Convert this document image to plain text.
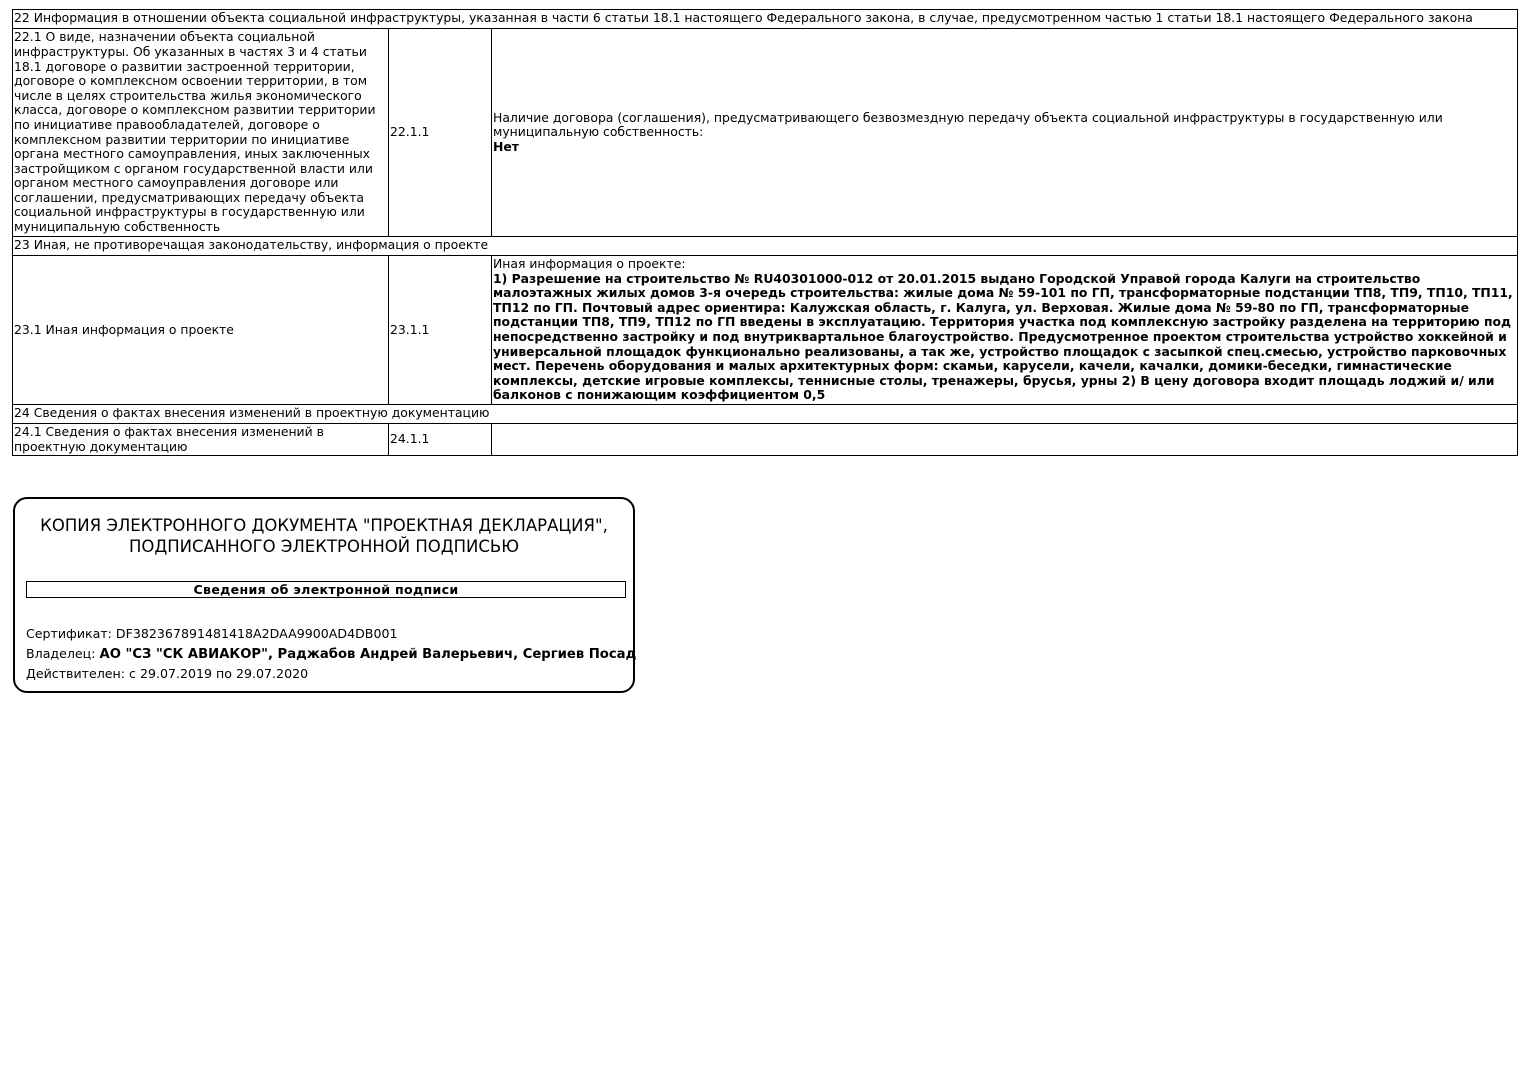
22 Информация в отношении объекта социальной инфраструктуры, указанная в части 6 статьи 18.1 настоящего Федерального закона, в случае, предусмотренном частью 1 статьи 18.1 настоящего Федерального закона		
22.1 О виде, назначении объекта социальной инфраструктуры. Об указанных в частях 3 и 4 статьи 18.1 договоре о развитии застроенной территории, договоре о комплексном освоении территории, в том числе в целях строительства жилья экономического класса, договоре о комплексном развитии территории по инициативе правообладателей, договоре о комплексном развитии территории по инициативе органа местного самоуправления, иных заключенных застройщиком с органом государственной власти или органом местного самоуправления договоре или соглашении, предусматривающих передачу объекта социальной инфраструктуры в государственную или муниципальную собственность	22.1.1	Наличие договора (соглашения), предусматривающего безвозмездную передачу объекта социальной инфраструктуры в государственную или муниципальную собственность:
Нет

23 Иная, не противоречащая законодательству, информация о проекте		
23.1 Иная информация о проекте	23.1.1	Иная информация о проекте:
1) Разрешение на строительство № RU40301000-012 от 20.01.2015 выдано Городской Управой города Калуги на строительство малоэтажных жилых домов 3-я очередь строительства: жилые дома № 59-101 по ГП, трансформаторные подстанции ТП8, ТП9, ТП10, ТП11, ТП12 по ГП. Почтовый адрес ориентира: Калужская область, г. Калуга, ул. Верховая. Жилые дома № 59-80 по ГП, трансформаторные подстанции ТП8, ТП9, ТП12 по ГП введены в эксплуатацию. Территория участка под комплексную застройку разделена на территорию под непосредственно застройку и под внутриквартальное благоустройство. Предусмотренное проектом строительства устройство хоккейной и универсальной площадок функционально реализованы, а так же, устройство площадок с засыпкой спец.смесью, устройство парковочных мест. Перечень оборудования и малых архитектурных форм: скамьи, карусели, качели, качалки, домики-беседки, гимнастические комплексы, детские игровые комплексы, теннисные столы, тренажеры, брусья, урны 2) В цену договора входит площадь лоджий и/ или балконов с понижающим коэффициентом 0,5

24 Сведения о фактах внесения изменений в проектную документацию		
24.1 Сведения о фактах внесения изменений в проектную документацию	24.1.1	
КОПИЯ ЭЛЕКТРОННОГО ДОКУМЕНТА "ПРОЕКТНАЯ ДЕКЛАРАЦИЯ",
ПОДПИСАННОГО ЭЛЕКТРОННОЙ ПОДПИСЬЮ
Сведения об электронной подписи
Сертификат: DF382367891481418A2DAA9900AD4DB001
Владелец: АО "СЗ "СК АВИАКОР", Раджабов Андрей Валерьевич, Сергиев Посад
Действителен: с 29.07.2019 по 29.07.2020
